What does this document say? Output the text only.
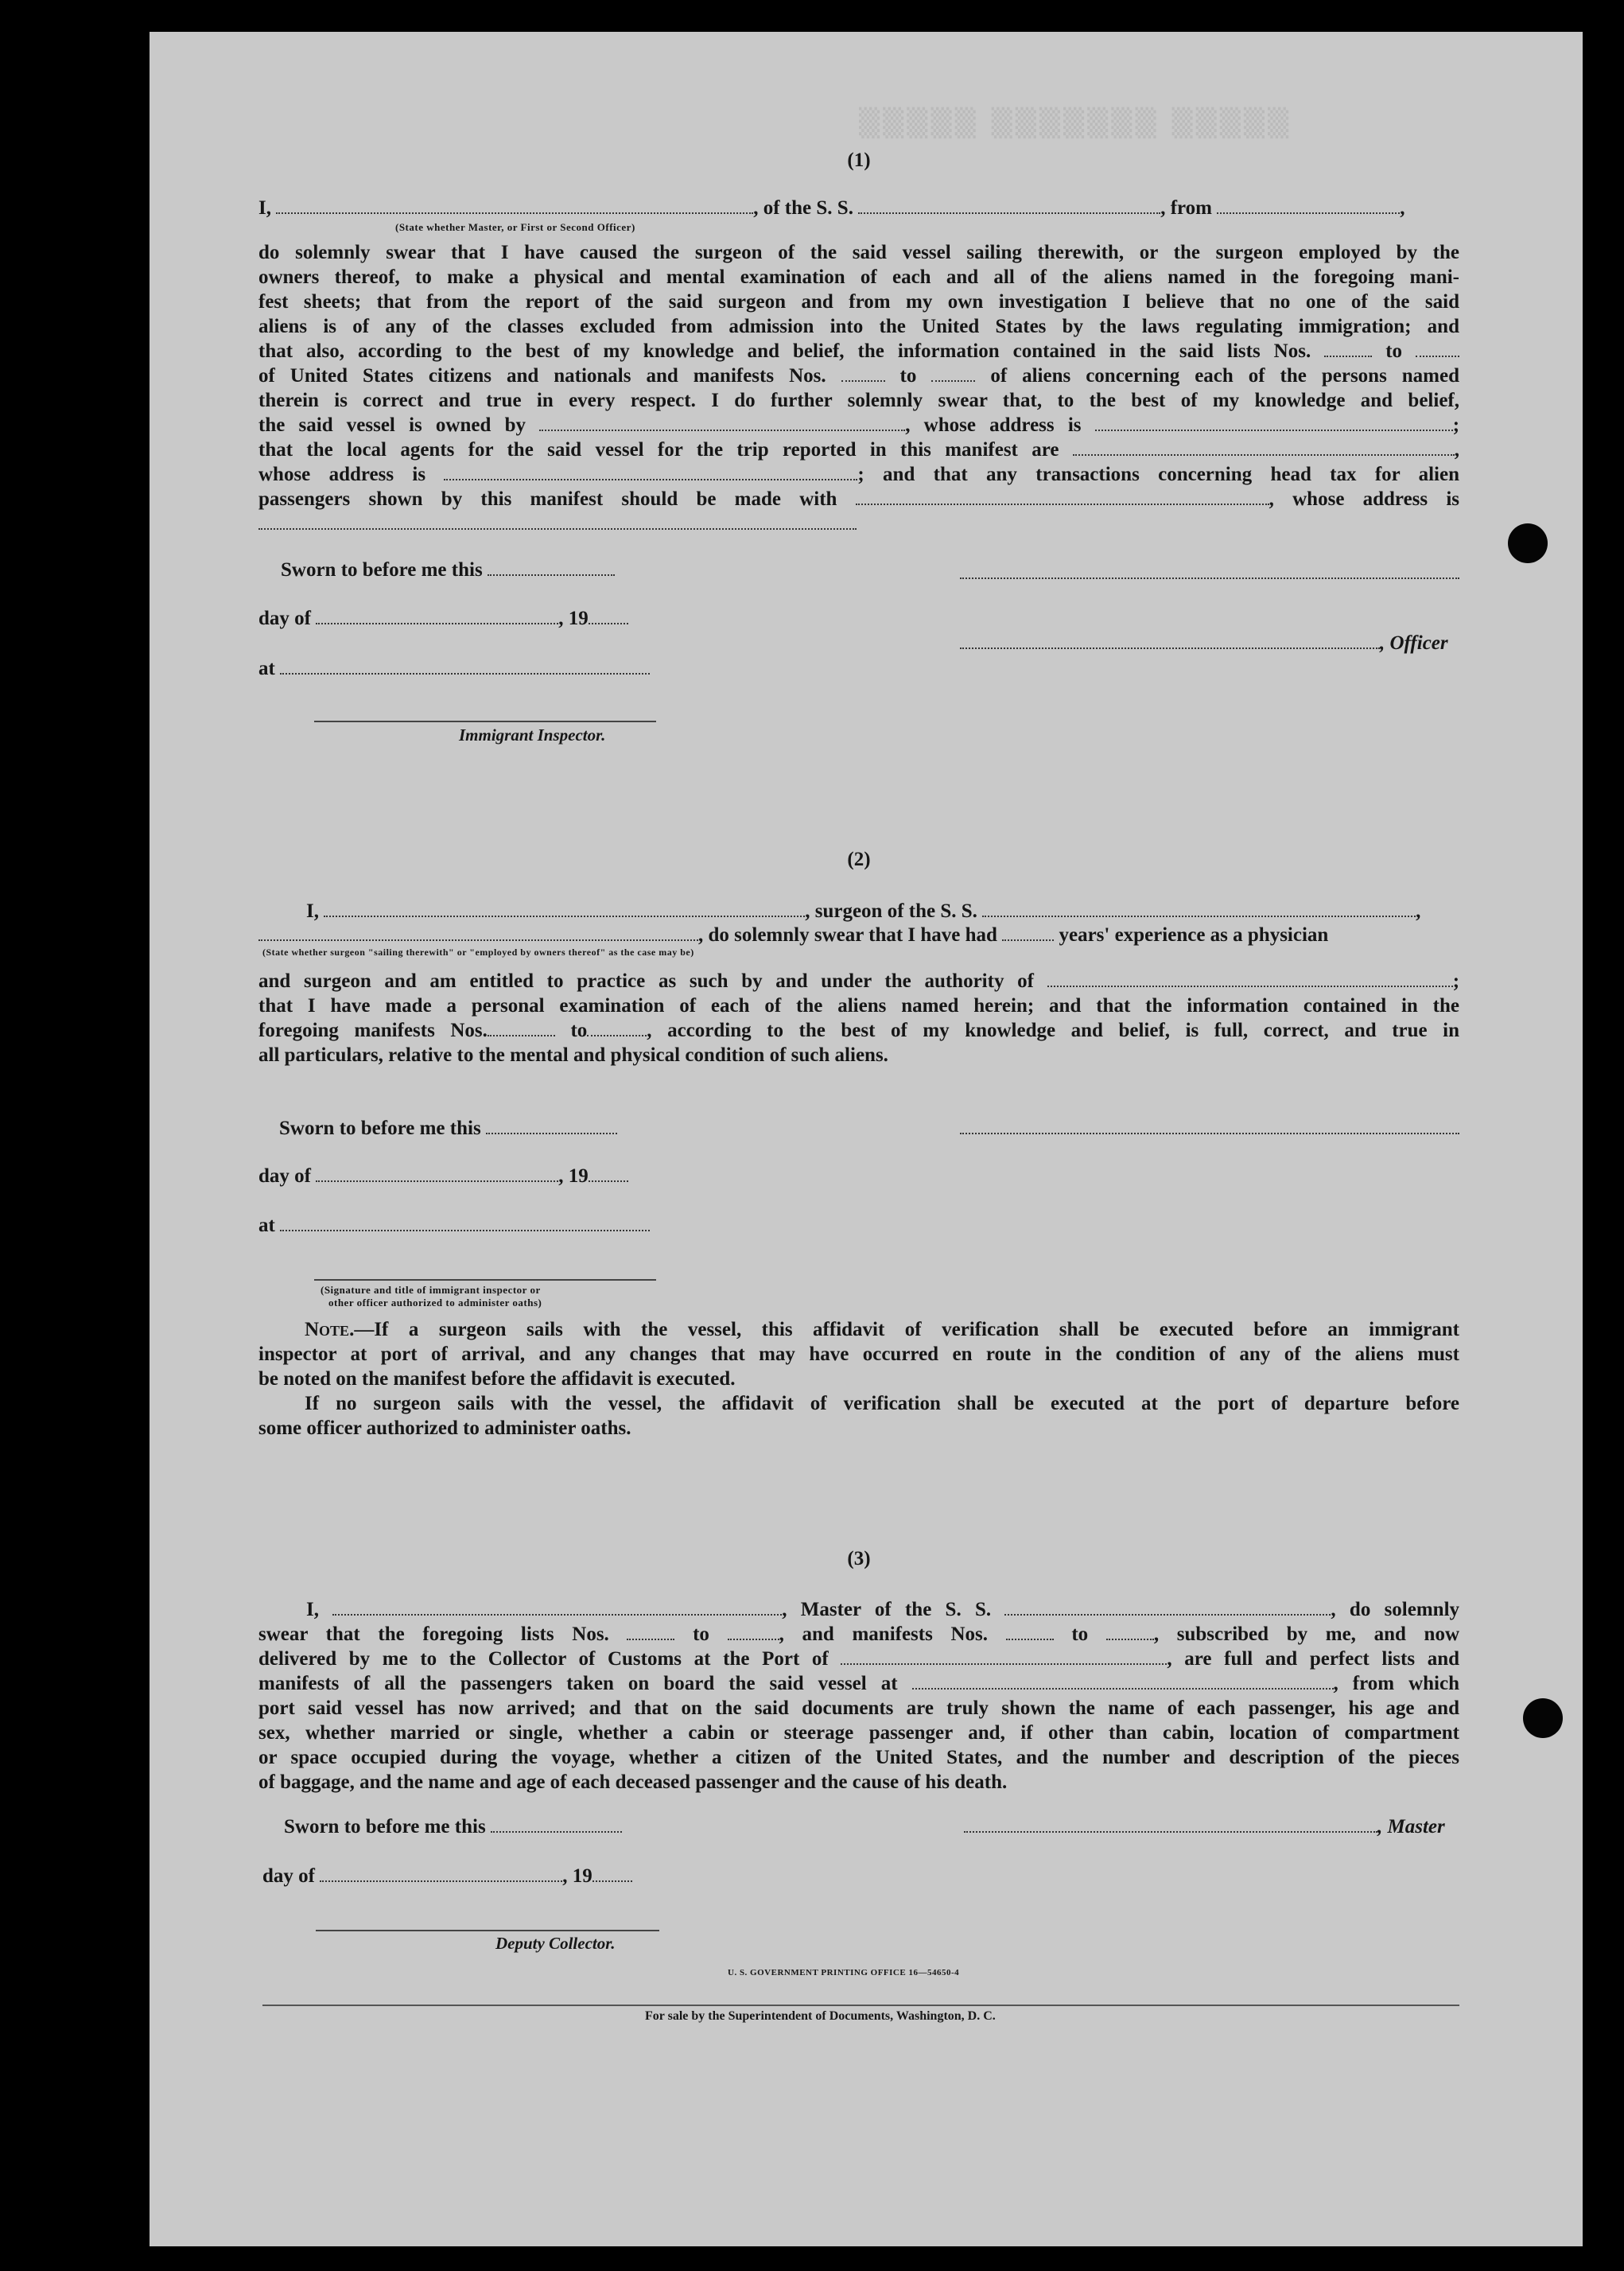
▒▒▒▒▒ ▒▒▒▒▒▒▒ ▒▒▒▒▒
(1)
I,	, of the S. S.	, from	,
(State whether Master, or First or Second Officer)
do solemnly swear that I have caused the surgeon of the said vessel sailing therewith, or the surgeon employed by the
owners thereof, to make a physical and mental examination of each and all of the aliens named in the foregoing mani-
fest sheets; that from the report of the said surgeon and from my own investigation I believe that no one of the said
aliens is of any of the classes excluded from admission into the United States by the laws regulating immigration; and
that also, according to the best of my knowledge and belief, the information contained in the said lists Nos.	to
of United States citizens and nationals and manifests Nos.	to	of aliens concerning each of the persons named
therein is correct and true in every respect. I do further solemnly swear that, to the best of my knowledge and belief,
the said vessel is owned by	, whose address is	;
that the local agents for the said vessel for the trip reported in this manifest are	,
whose address is	; and that any transactions concerning head tax for alien
passengers shown by this manifest should be made with	, whose address is
Sworn to before me this
day of	, 19
at
Immigrant Inspector.
, Officer
(2)
I,	, surgeon of the S. S.	,
, do solemnly swear that I have had	years' experience as a physician
(State whether surgeon "sailing therewith" or "employed by owners thereof" as the case may be)
and surgeon and am entitled to practice as such by and under the authority of	;
that I have made a personal examination of each of the aliens named herein; and that the information contained in the
foregoing manifests Nos.	to	, according to the best of my knowledge and belief, is full, correct, and true in
all particulars, relative to the mental and physical condition of such aliens.
Sworn to before me this
day of	, 19
at
(Signature and title of immigrant inspector or
other officer authorized to administer oaths)
Note.—If a surgeon sails with the vessel, this affidavit of verification shall be executed before an immigrant
inspector at port of arrival, and any changes that may have occurred en route in the condition of any of the aliens must
be noted on the manifest before the affidavit is executed.
If no surgeon sails with the vessel, the affidavit of verification shall be executed at the port of departure before
some officer authorized to administer oaths.
(3)
I,	, Master of the S. S.	, do solemnly
swear that the foregoing lists Nos.	to	, and manifests Nos.	to	, subscribed by me, and now
delivered by me to the Collector of Customs at the Port of	, are full and perfect lists and
manifests of all the passengers taken on board the said vessel at	, from which
port said vessel has now arrived; and that on the said documents are truly shown the name of each passenger, his age and
sex, whether married or single, whether a cabin or steerage passenger and, if other than cabin, location of compartment
or space occupied during the voyage, whether a citizen of the United States, and the number and description of the pieces
of baggage, and the name and age of each deceased passenger and the cause of his death.
Sworn to before me this	, Master
day of	, 19
Deputy Collector.
U. S. GOVERNMENT PRINTING OFFICE 16—54650-4
For sale by the Superintendent of Documents, Washington, D. C.
